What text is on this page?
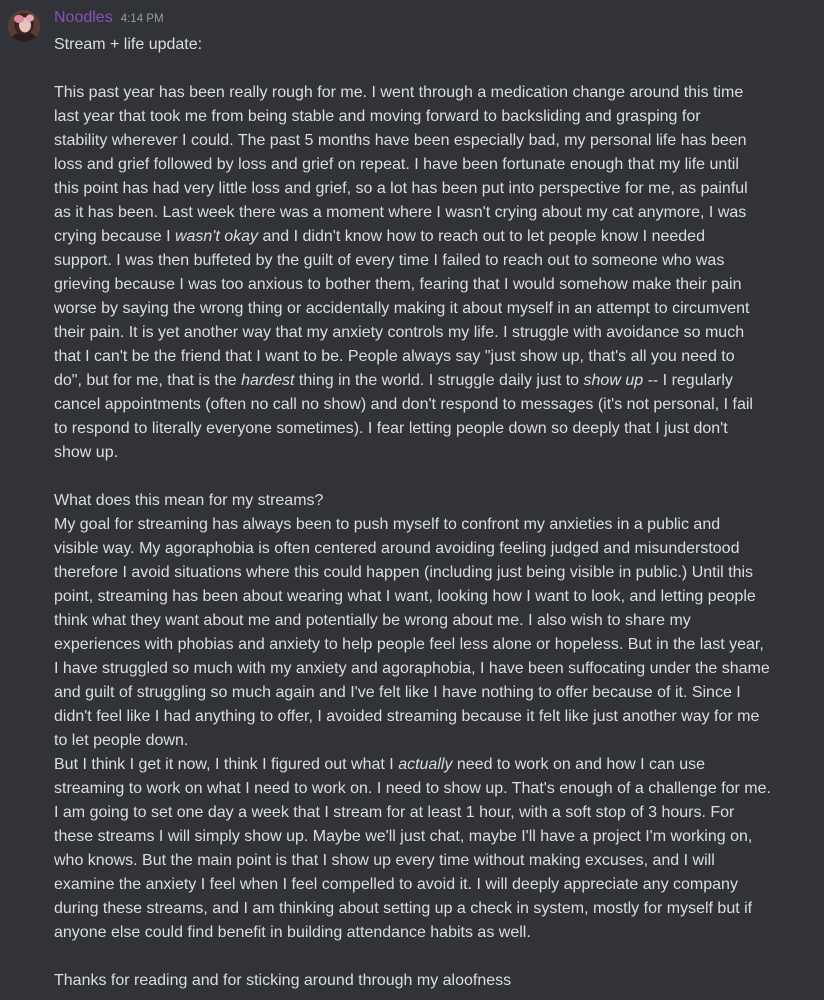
Noodles 4:14 PM
Stream + life update:
This past year has been really rough for me. I went through a medication change around this time
last year that took me from being stable and moving forward to backsliding and grasping for
stability wherever I could. The past 5 months have been especially bad, my personal life has been
loss and grief followed by loss and grief on repeat. I have been fortunate enough that my life until
this point has had very little loss and grief, so a lot has been put into perspective for me, as painful
as it has been. Last week there was a moment where I wasn't crying about my cat anymore, I was
crying because I wasn't okay and I didn't know how to reach out to let people know I needed
support. I was then buffeted by the guilt of every time I failed to reach out to someone who was
grieving because I was too anxious to bother them, fearing that I would somehow make their pain
worse by saying the wrong thing or accidentally making it about myself in an attempt to circumvent
their pain. It is yet another way that my anxiety controls my life. I struggle with avoidance so much
that I can't be the friend that I want to be. People always say "just show up, that's all you need to
do", but for me, that is the hardest thing in the world. I struggle daily just to show up -- I regularly
cancel appointments (often no call no show) and don't respond to messages (it's not personal, I fail
to respond to literally everyone sometimes). I fear letting people down so deeply that I just don't
show up.
What does this mean for my streams?
My goal for streaming has always been to push myself to confront my anxieties in a public and
visible way. My agoraphobia is often centered around avoiding feeling judged and misunderstood
therefore I avoid situations where this could happen (including just being visible in public.) Until this
point, streaming has been about wearing what I want, looking how I want to look, and letting people
think what they want about me and potentially be wrong about me. I also wish to share my
experiences with phobias and anxiety to help people feel less alone or hopeless. But in the last year,
I have struggled so much with my anxiety and agoraphobia, I have been suffocating under the shame
and guilt of struggling so much again and I've felt like I have nothing to offer because of it. Since I
didn't feel like I had anything to offer, I avoided streaming because it felt like just another way for me
to let people down.
But I think I get it now, I think I figured out what I actually need to work on and how I can use
streaming to work on what I need to work on. I need to show up. That's enough of a challenge for me.
I am going to set one day a week that I stream for at least 1 hour, with a soft stop of 3 hours. For
these streams I will simply show up. Maybe we'll just chat, maybe I'll have a project I'm working on,
who knows. But the main point is that I show up every time without making excuses, and I will
examine the anxiety I feel when I feel compelled to avoid it. I will deeply appreciate any company
during these streams, and I am thinking about setting up a check in system, mostly for myself but if
anyone else could find benefit in building attendance habits as well.
Thanks for reading and for sticking around through my aloofness
